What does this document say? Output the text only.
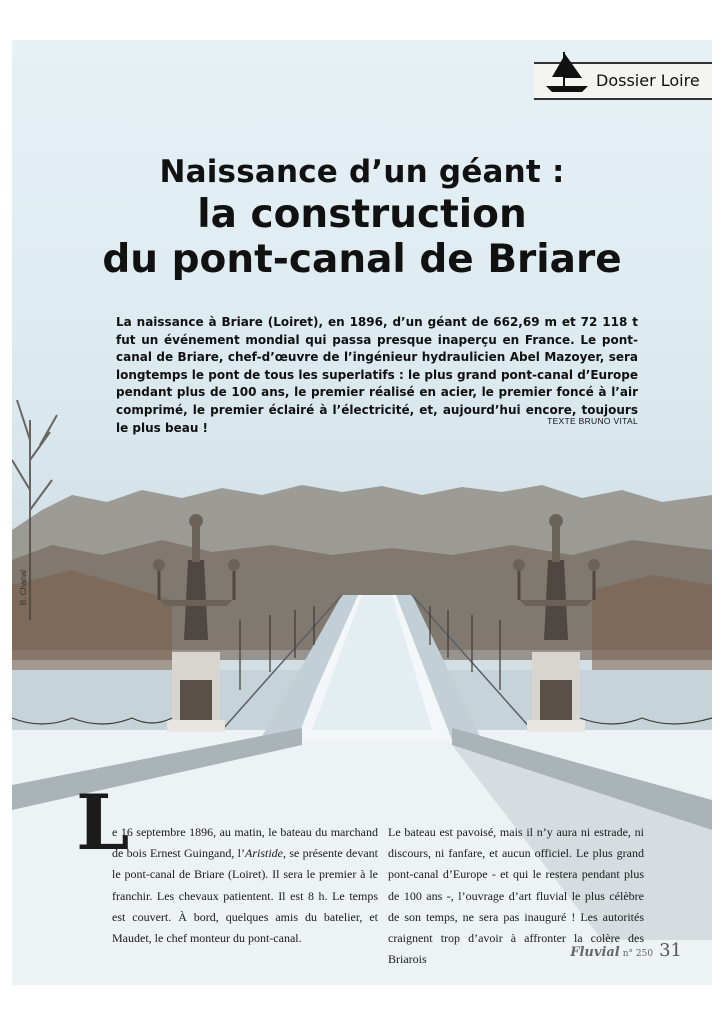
Dossier Loire
Naissance d’un géant :
la construction
du pont-canal de Briare
La naissance à Briare (Loiret), en 1896, d’un géant de 662,69 m et 72 118 t fut un événement mondial qui passa presque inaperçu en France. Le pont-canal de Briare, chef-d’œuvre de l’ingénieur hydraulicien Abel Mazoyer, sera longtemps le pont de tous les superlatifs : le plus grand pont-canal d’Europe pendant plus de 100 ans, le premier réalisé en acier, le premier foncé à l’air comprimé, le premier éclairé à l’électricité, et, aujourd’hui encore, toujours le plus beau !	TEXTE BRUNO VITAL
B. Chanal
L
e 16 septembre 1896, au matin, le bateau du marchand de bois Ernest Guingand, l’Aristide, se présente devant le pont-canal de Briare (Loiret). Il sera le premier à le franchir. Les chevaux patientent. Il est 8 h. Le temps est couvert. À bord, quelques amis du batelier, et Maudet, le chef monteur du pont-canal.
Le bateau est pavoisé, mais il n’y aura ni estrade, ni discours, ni fanfare, et aucun officiel. Le plus grand pont-canal d’Europe - et qui le restera pendant plus de 100 ans -, l’ouvrage d’art fluvial le plus célèbre de son temps, ne sera pas inauguré ! Les autorités craignent trop d’avoir à affronter la colère des Briarois	Fluvial n° 250 31
